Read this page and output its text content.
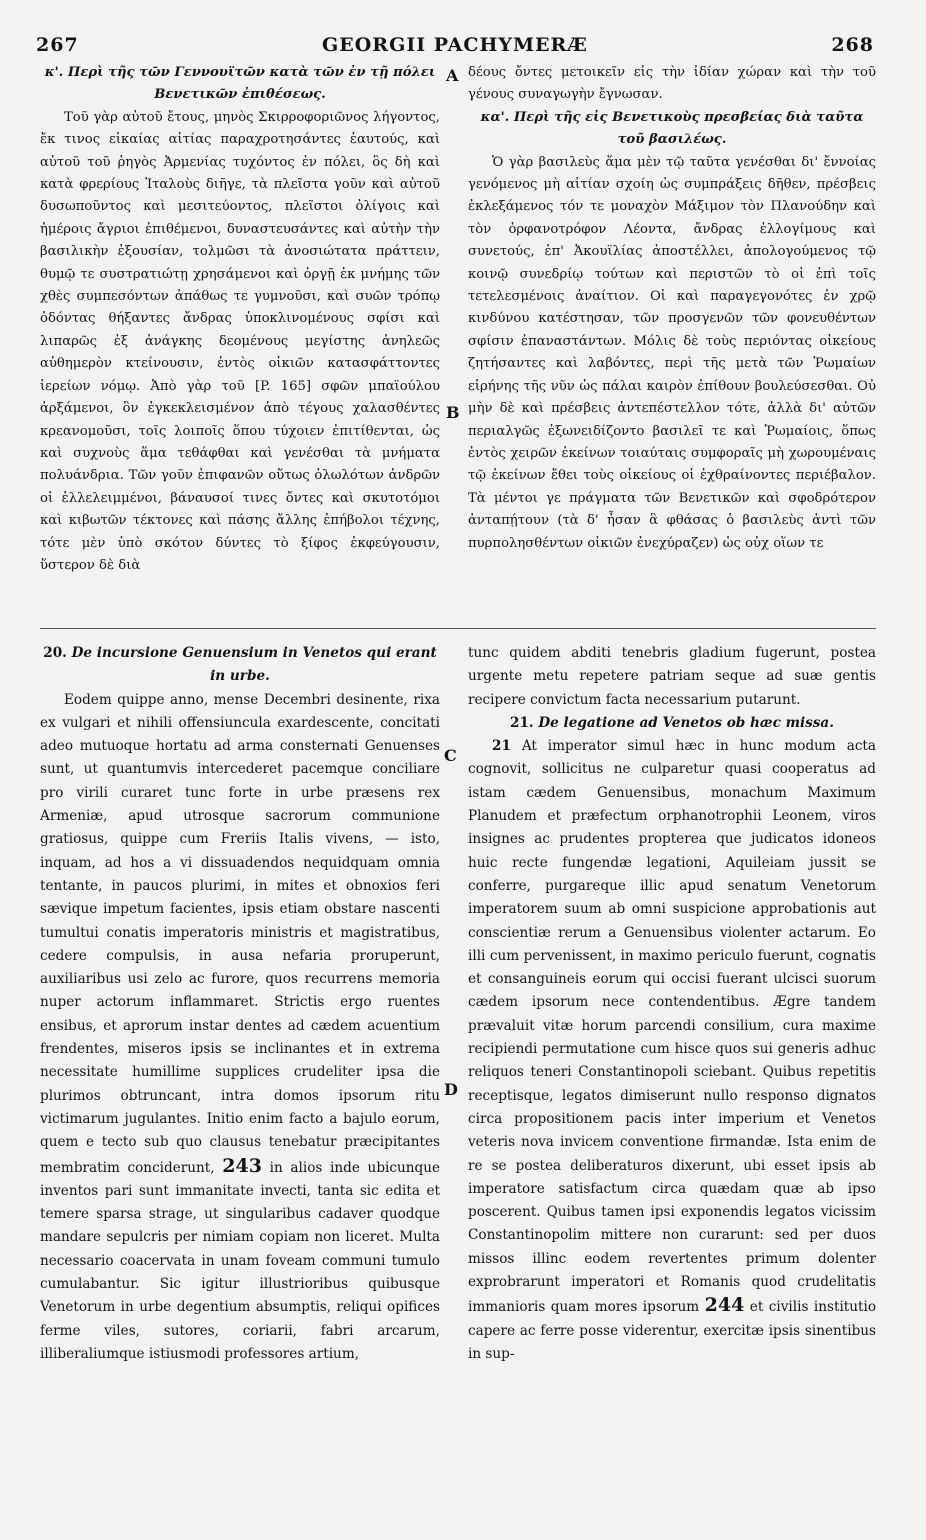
267	GEORGII PACHYMERÆ	268
A
B
C
D

κ'. Περὶ τῆς τῶν Γεννουϊτῶν κατὰ τῶν ἐν τῇ πόλει Βενετικῶν ἐπιθέσεως.

Τοῦ γὰρ αὐτοῦ ἔτους, μηνὸς Σκιρροφοριῶνος λήγοντος, ἔκ τινος εἰκαίας αἰτίας παραχροτησάντες ἑαυτούς, καὶ αὐτοῦ τοῦ ῥηγὸς Ἀρμενίας τυχόντος ἐν πόλει, ὃς δὴ καὶ κατὰ φρερίους Ἰταλοὺς διῆγε, τὰ πλεῖστα γοῦν καὶ αὐτοῦ δυσωποῦντος καὶ μεσιτεύοντος, πλεῖστοι ὀλίγοις καὶ ἡμέροις ἄγριοι ἐπιθέμενοι, δυναστευσάντες καὶ αὐτὴν τὴν βασιλικὴν ἐξουσίαν, τολμῶσι τὰ ἀνοσιώτατα πράττειν, θυμῷ τε συστρατιώτῃ χρησάμενοι καὶ ὀργῇ ἐκ μνήμης τῶν χθὲς συμπεσόντων ἀπάθως τε γυμνοῦσι, καὶ συῶν τρόπῳ ὀδόντας θήξαντες ἄνδρας ὑποκλινομένους σφίσι καὶ λιπαρῶς ἐξ ἀνάγκης δεομένους μεγίστης ἀνηλεῶς αὐθημερὸν κτείνουσιν, ἐντὸς οἰκιῶν κατασφάττοντες ἱερείων νόμῳ. Ἀπὸ γὰρ τοῦ [P. 165] σφῶν μπαϊούλου ἀρξάμενοι, ὃν ἐγκεκλεισμένον ἀπὸ τέγους χαλασθέντες κρεανομοῦσι, τοῖς λοιποῖς ὅπου τύχοιεν ἐπιτίθενται, ὡς καὶ συχνοὺς ἅμα τεθάφθαι καὶ γενέσθαι τὰ μνήματα πολυάνδρια. Τῶν γοῦν ἐπιφανῶν οὕτως ὀλωλότων ἀνδρῶν οἱ ἐλλελειμμένοι, βάναυσοί τινες ὄντες καὶ σκυτοτόμοι καὶ κιβωτῶν τέκτονες καὶ πάσης ἄλλης ἐπήβολοι τέχνης, τότε μὲν ὑπὸ σκότον δύντες τὸ ξίφος ἐκφεύγουσιν, ὕστερον δὲ διὰ

δέους ὄντες μετοικεῖν εἰς τὴν ἰδίαν χώραν καὶ τὴν τοῦ γένους συναγωγὴν ἔγνωσαν.

κα'. Περὶ τῆς εἰς Βενετικοὺς πρεσβείας διὰ ταῦτα τοῦ βασιλέως.

Ὁ γὰρ βασιλεὺς ἅμα μὲν τῷ ταῦτα γενέσθαι δι' ἔννοίας γενόμενος μὴ αἰτίαν σχοίη ὡς συμπράξεις δῆθεν, πρέσβεις ἐκλεξάμενος τόν τε μοναχὸν Μάξιμον τὸν Πλανούδην καὶ τὸν ὀρφανοτρόφον Λέοντα, ἄνδρας ἐλλογίμους καὶ συνετούς, ἐπ' Ἀκουϊλίας ἀποστέλλει, ἀπολογούμενος τῷ κοινῷ συνεδρίῳ τούτων καὶ περιστῶν τὸ οἱ ἐπὶ τοῖς τετελεσμένοις ἀναίτιον. Οἱ καὶ παραγεγονότες ἐν χρῷ κινδύνου κατέστησαν, τῶν προσγενῶν τῶν φονευθέντων σφίσιν ἐπαναστάντων. Μόλις δὲ τοὺς περιόντας οἰκείους ζητήσαντες καὶ λαβόντες, περὶ τῆς μετὰ τῶν Ῥωμαίων εἰρήνης τῆς νῦν ὡς πάλαι καιρὸν ἐπίθουν βουλεύσεσθαι. Οὐ μὴν δὲ καὶ πρέσβεις ἀντεπέστελλον τότε, ἀλλὰ δι' αὐτῶν περιαλγῶς ἐξωνειδίζοντο βασιλεῖ τε καὶ Ῥωμαίοις, ὅπως ἐντὸς χειρῶν ἐκείνων τοιαύταις συμφοραῖς μὴ χωρουμέναις τῷ ἐκείνων ἔθει τοὺς οἰκείους οἱ ἐχθραίνοντες περιέβαλον. Τὰ μέντοι γε πράγματα τῶν Βενετικῶν καὶ σφοδρότερον ἀνταπῄτουν (τὰ δ' ἦσαν ἃ φθάσας ὁ βασιλεὺς ἀντὶ τῶν πυρπολησθέντων οἰκιῶν ἐνεχύραζεν) ὡς οὐχ οἵων τε

20. De incursione Genuensium in Venetos qui erant in urbe.

Eodem quippe anno, mense Decembri desinente, rixa ex vulgari et nihili offensiuncula exardescente, concitati adeo mutuoque hortatu ad arma consternati Genuenses sunt, ut quantumvis intercederet pacemque conciliare pro virili curaret tunc forte in urbe præsens rex Armeniæ, apud utrosque sacrorum communione gratiosus, quippe cum Freriis Italis vivens, — isto, inquam, ad hos a vi dissuadendos nequidquam omnia tentante, in paucos plurimi, in mites et obnoxios feri sævique impetum facientes, ipsis etiam obstare nascenti tumultui conatis imperatoris ministris et magistratibus, cedere compulsis, in ausa nefaria proruperunt, auxiliaribus usi zelo ac furore, quos recurrens memoria nuper actorum inflammaret. Strictis ergo ruentes ensibus, et aprorum instar dentes ad cædem acuentium frendentes, miseros ipsis se inclinantes et in extrema necessitate humillime supplices crudeliter ipsa die plurimos obtruncant, intra domos ipsorum ritu victimarum jugulantes. Initio enim facto a bajulo eorum, quem e tecto sub quo clausus tenebatur præcipitantes membratim conciderunt, 243 in alios inde ubicunque inventos pari sunt immanitate invecti, tanta sic edita et temere sparsa strage, ut singularibus cadaver quodque mandare sepulcris per nimiam copiam non liceret. Multa necessario coacervata in unam foveam communi tumulo cumulabantur. Sic igitur illustrioribus quibusque Venetorum in urbe degentium absumptis, reliqui opifices ferme viles, sutores, coriarii, fabri arcarum, illiberaliumque istiusmodi professores artium,

tunc quidem abditi tenebris gladium fugerunt, postea urgente metu repetere patriam seque ad suæ gentis recipere convictum facta necessarium putarunt.

21. De legatione ad Venetos ob hæc missa.

21 At imperator simul hæc in hunc modum acta cognovit, sollicitus ne culparetur quasi cooperatus ad istam cædem Genuensibus, monachum Maximum Planudem et præfectum orphanotrophii Leonem, viros insignes ac prudentes propterea que judicatos idoneos huic recte fungendæ legationi, Aquileiam jussit se conferre, purgareque illic apud senatum Venetorum imperatorem suum ab omni suspicione approbationis aut conscientiæ rerum a Genuensibus violenter actarum. Eo illi cum pervenissent, in maximo periculo fuerunt, cognatis et consanguineis eorum qui occisi fuerant ulcisci suorum cædem ipsorum nece contendentibus. Ægre tandem prævaluit vitæ horum parcendi consilium, cura maxime recipiendi permutatione cum hisce quos sui generis adhuc reliquos teneri Constantinopoli sciebant. Quibus repetitis receptisque, legatos dimiserunt nullo responso dignatos circa propositionem pacis inter imperium et Venetos veteris nova invicem conventione firmandæ. Ista enim de re se postea deliberaturos dixerunt, ubi esset ipsis ab imperatore satisfactum circa quædam quæ ab ipso poscerent. Quibus tamen ipsi exponendis legatos vicissim Constantinopolim mittere non curarunt: sed per duos missos illinc eodem revertentes primum dolenter exprobrarunt imperatori et Romanis quod crudelitatis immanioris quam mores ipsorum 244 et civilis institutio capere ac ferre posse viderentur, exercitæ ipsis sinentibus in sup-
